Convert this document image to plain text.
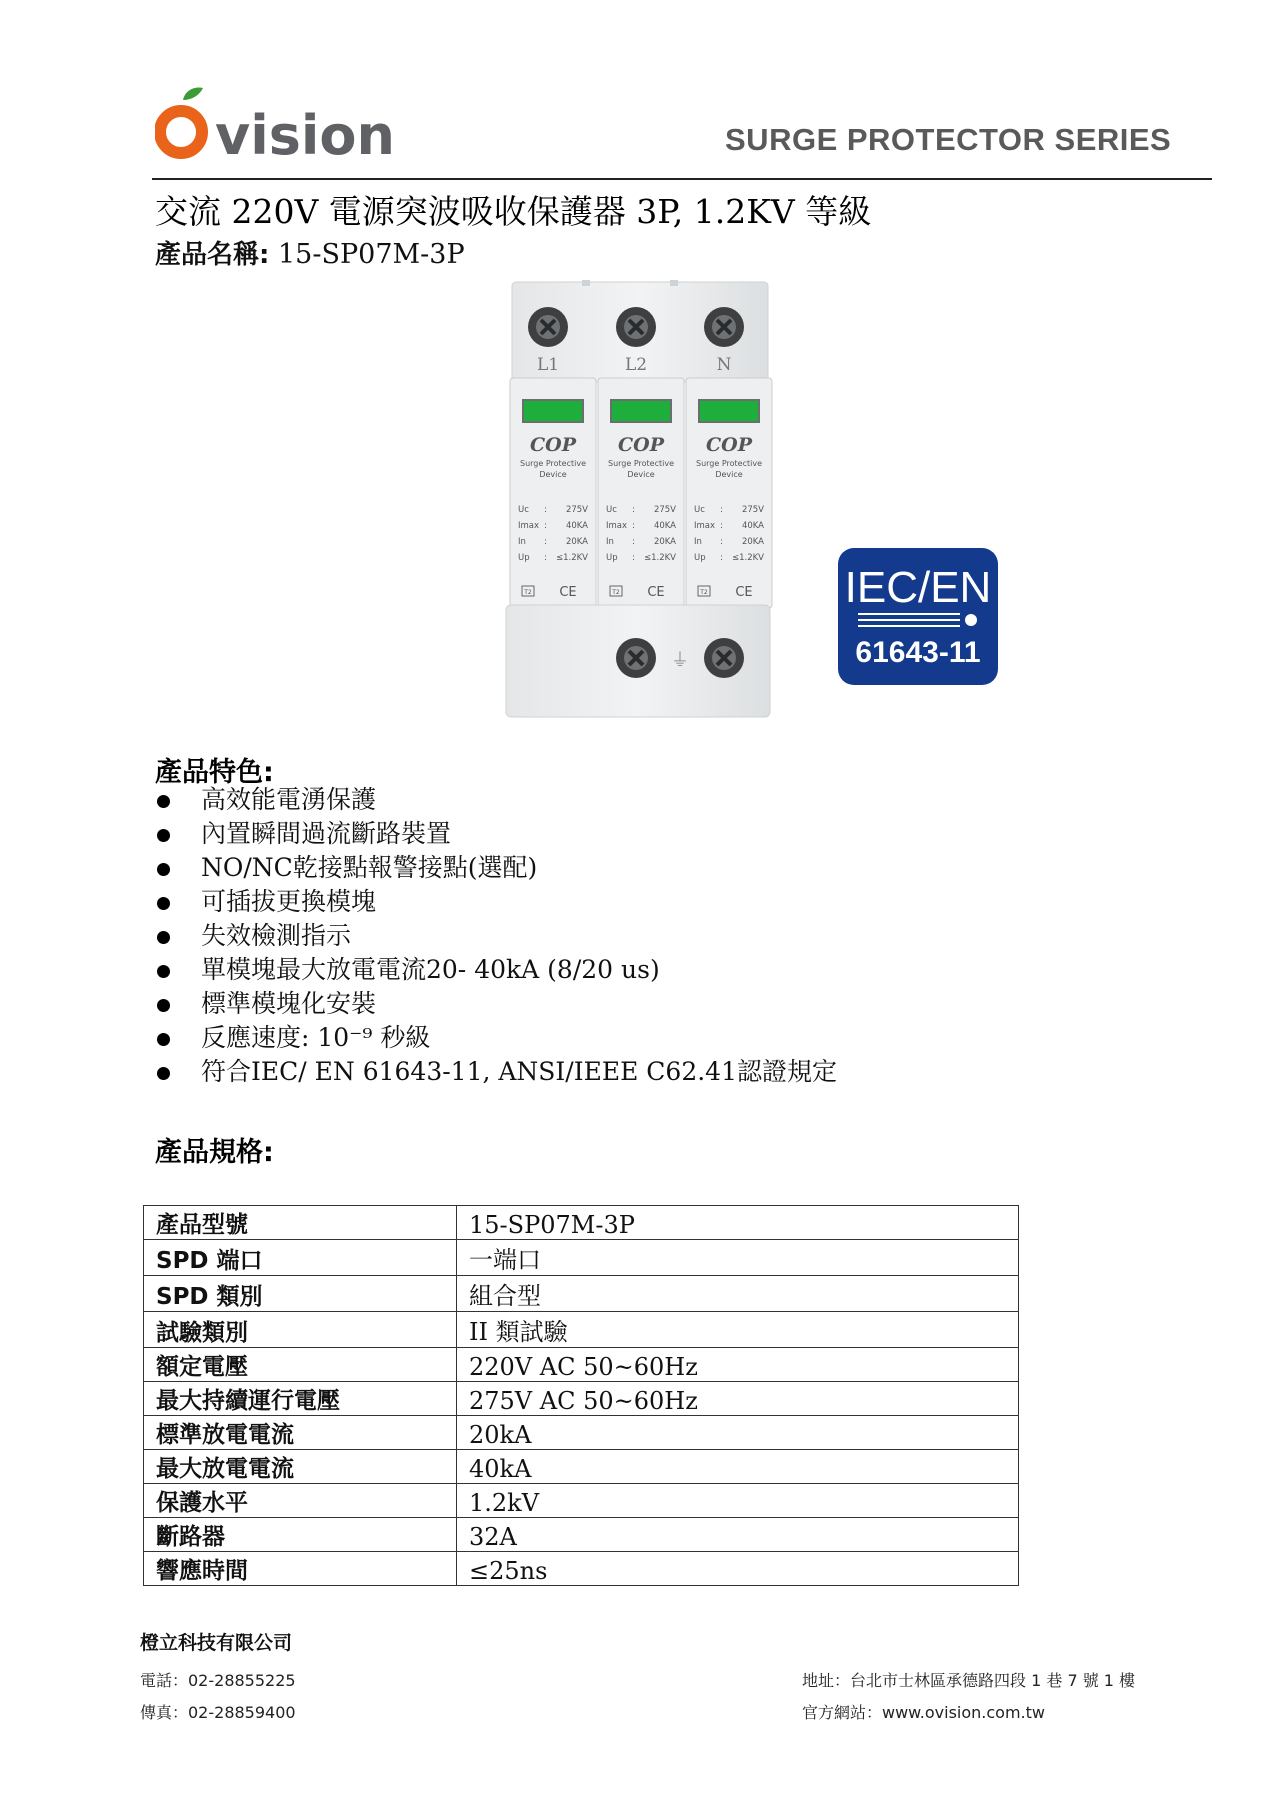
vision	SURGE PROTECTOR SERIES
交流 220V 電源突波吸收保護器 3P, 1.2KV 等級
產品名稱: 15-SP07M-3P
L1	L2	N
COP
Surge Protective
Device
Uc : 275V
Imax : 40KA
In : 20KA
Up : ≤1.2KV
T2 CE
COP
Surge Protective
Device
Uc : 275V
Imax : 40KA
In : 20KA
Up : ≤1.2KV
T2 CE
COP
Surge Protective
Device
Uc : 275V
Imax : 40KA
In : 20KA
Up : ≤1.2KV
T2 CE
⏚
IEC/EN
61643-11
產品特色:
高效能電湧保護
內置瞬間過流斷路裝置
NO/NC乾接點報警接點(選配)
可插拔更換模塊
失效檢測指示
單模塊最大放電電流20- 40kA (8/20 us)
標準模塊化安裝
反應速度: 10⁻⁹ 秒級
符合IEC/ EN 61643-11, ANSI/IEEE C62.41認證規定
產品規格:
產品型號	15-SP07M-3P
SPD 端口	一端口
SPD 類別	組合型
試驗類別	II 類試驗
額定電壓	220V AC 50~60Hz
最大持續運行電壓	275V AC 50~60Hz
標準放電電流	20kA
最大放電電流	40kA
保護水平	1.2kV
斷路器	32A
響應時間	≤25ns
橙立科技有限公司
電話：02-28855225
傳真：02-28859400
地址：台北市士林區承德路四段 1 巷 7 號 1 樓
官方網站：www.ovision.com.tw
